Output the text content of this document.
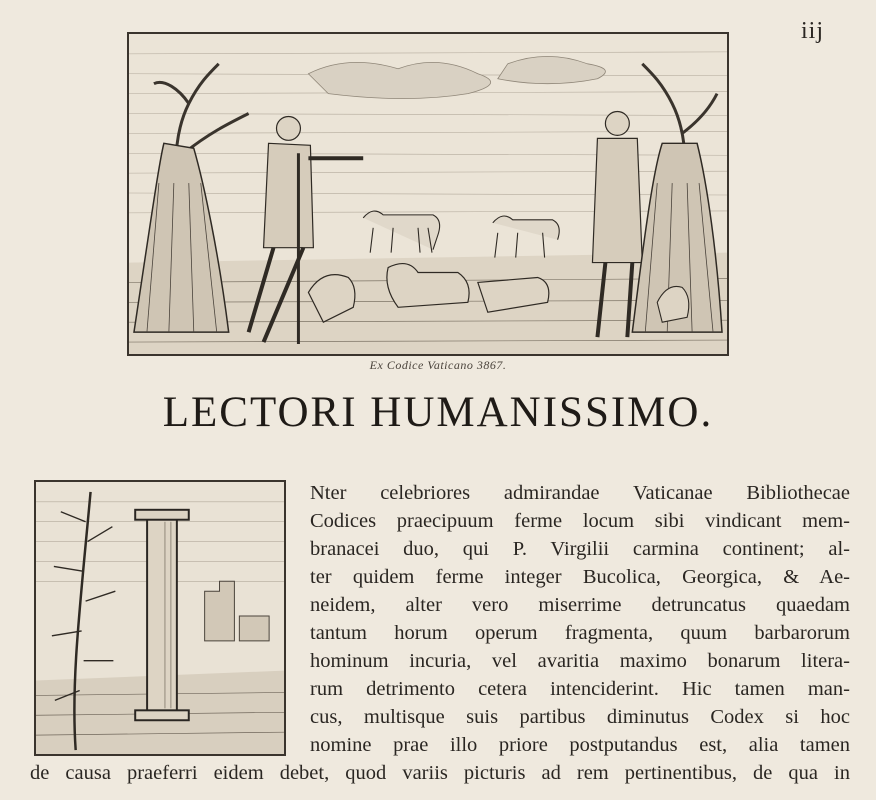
iij
Ex Codice Vaticano 3867.
LECTORI HUMANISSIMO.
Nter celebriores admirandae Vaticanae Bibliothecae
Codices praecipuum ferme locum sibi vindicant mem-
branacei duo, qui P. Virgilii carmina continent; al-
ter quidem ferme integer Bucolica, Georgica, & Ae-
neidem, alter vero miserrime detruncatus quaedam
tantum horum operum fragmenta, quum barbarorum
hominum incuria, vel avaritia maximo bonarum litera-
rum detrimento cetera intenciderint. Hic tamen man-
cus, multisque suis partibus diminutus Codex si hoc
nomine prae illo priore postputandus est, alia tamen
de causa praeferri eidem debet, quod variis picturis ad rem pertinentibus, de qua in
